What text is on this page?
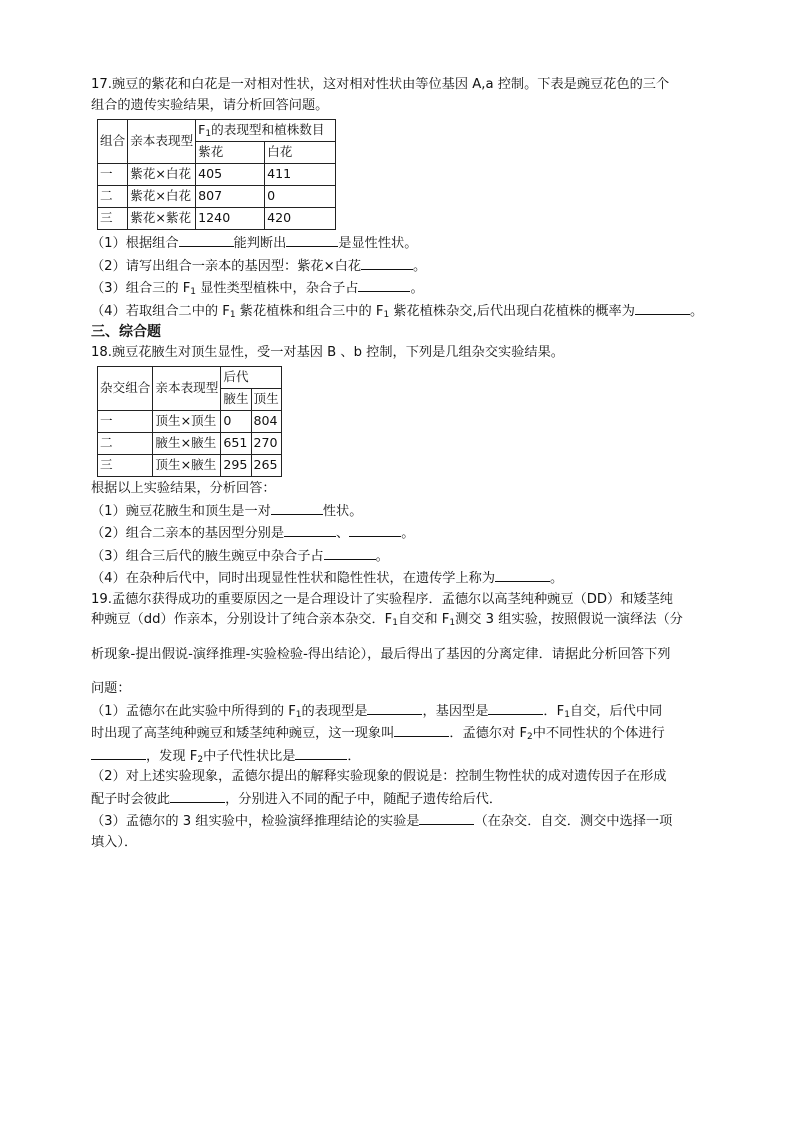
17.豌豆的紫花和白花是一对相对性状，这对相对性状由等位基因 A,a 控制。下表是豌豆花色的三个
组合的遗传实验结果，请分析回答问题。
组合	亲本表现型	$F_1$的表现型和植株数目	
		紫花	白花
一	紫花×白花	405	411
二	紫花×白花	807	0
三	紫花×紫花	1240	420
（1）根据组合	能判断出	是显性性状。
（2）请写出组合一亲本的基因型：紫花×白花	。
（3）组合三的 $F_1$ 显性类型植株中，杂合子占	。
（4）若取组合二中的 $F_1$ 紫花植株和组合三中的 $F_1$ 紫花植株杂交,后代出现白花植株的概率为	。
三、综合题
18.豌豆花腋生对顶生显性，受一对基因 B 、b 控制，下列是几组杂交实验结果。
杂交组合	亲本表现型	后代	
		腋生	顶生
一	顶生×顶生	0	804
二	腋生×腋生	651	270
三	顶生×腋生	295	265
根据以上实验结果，分析回答：
（1）豌豆花腋生和顶生是一对	性状。
（2）组合二亲本的基因型分别是	、	。
（3）组合三后代的腋生豌豆中杂合子占	。
（4）在杂种后代中，同时出现显性性状和隐性性状，在遗传学上称为	。
19.孟德尔获得成功的重要原因之一是合理设计了实验程序．孟德尔以高茎纯种豌豆（DD）和矮茎纯
种豌豆（dd）作亲本，分别设计了纯合亲本杂交．$F_1$自交和 $F_1$测交 3 组实验，按照假说一演绎法（分
析现象-提出假说-演绎推理-实验检验-得出结论），最后得出了基因的分离定律．请据此分析回答下列
问题：
（1）孟德尔在此实验中所得到的 $F_1$的表现型是	，基因型是	．$F_1$自交，后代中同
时出现了高茎纯种豌豆和矮茎纯种豌豆，这一现象叫	．孟德尔对 $F_2$中不同性状的个体进行
，发现 $F_2$中子代性状比是	．
（2）对上述实验现象，孟德尔提出的解释实验现象的假说是：控制生物性状的成对遗传因子在形成
配子时会彼此	，分别进入不同的配子中，随配子遗传给后代．
（3）孟德尔的 3 组实验中，检验演绎推理结论的实验是	（在杂交．自交．测交中选择一项
填入）．
